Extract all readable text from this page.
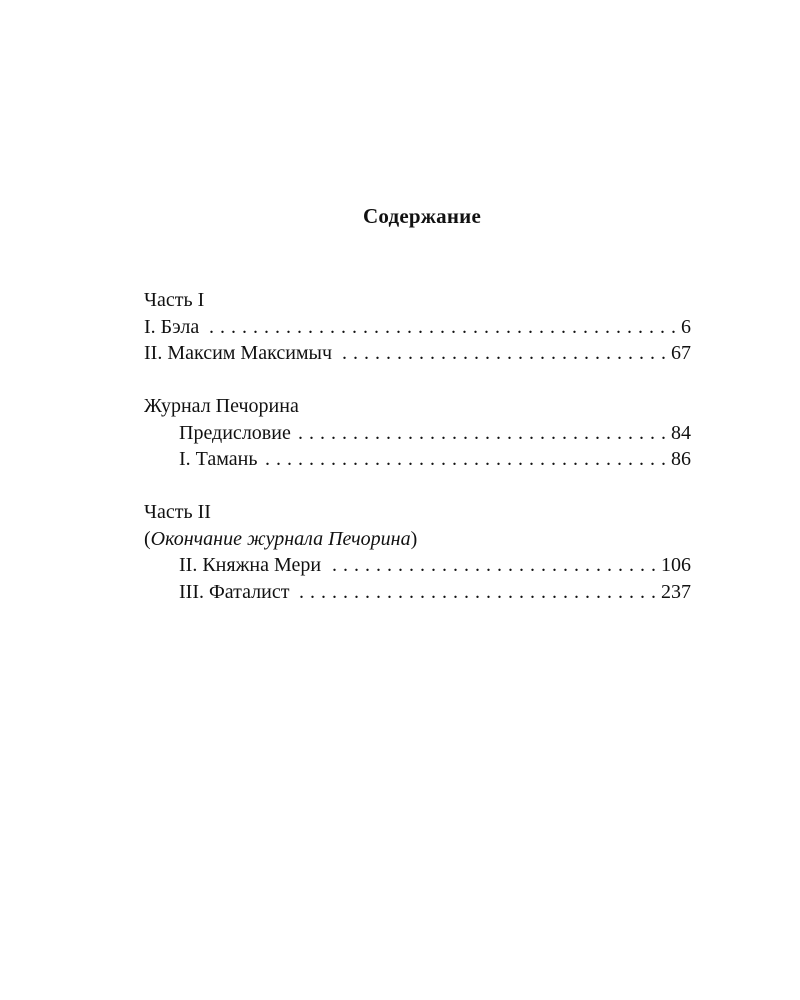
Содержание
Часть I
I. Бэла . . .	6
II. Максим Максимыч . . .	67
Журнал Печорина
Предисловие . . .	84
I. Тамань . . .	86
Часть II
(Окончание журнала Печорина)
II. Княжна Мери . . .	106
III. Фаталист . . .	237
